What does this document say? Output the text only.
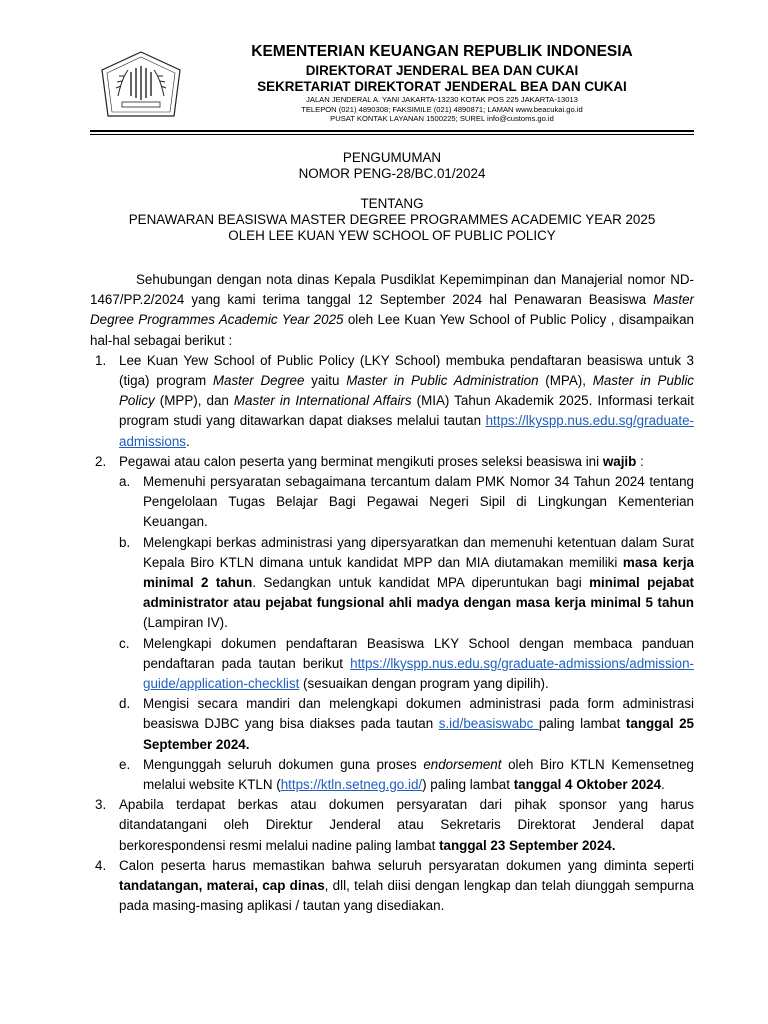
KEMENTERIAN KEUANGAN REPUBLIK INDONESIA
DIREKTORAT JENDERAL BEA DAN CUKAI
SEKRETARIAT DIREKTORAT JENDERAL BEA DAN CUKAI
JALAN JENDERAL A. YANI JAKARTA-13230 KOTAK POS 225 JAKARTA-13013
TELEPON (021) 4890308; FAKSIMILE (021) 4890871; LAMAN www.beacukai.go.id
PUSAT KONTAK LAYANAN 1500225; SUREL info@customs.go.id
PENGUMUMAN
NOMOR PENG-28/BC.01/2024
TENTANG
PENAWARAN BEASISWA MASTER DEGREE PROGRAMMES ACADEMIC YEAR 2025
OLEH LEE KUAN YEW SCHOOL OF PUBLIC POLICY

Sehubungan dengan nota dinas Kepala Pusdiklat Kepemimpinan dan Manajerial nomor ND-1467/PP.2/2024 yang kami terima tanggal 12 September 2024 hal Penawaran Beasiswa Master Degree Programmes Academic Year 2025 oleh Lee Kuan Yew School of Public Policy , disampaikan hal-hal sebagai berikut :

1. Lee Kuan Yew School of Public Policy (LKY School) membuka pendaftaran beasiswa untuk 3 (tiga) program Master Degree yaitu Master in Public Administration (MPA), Master in Public Policy (MPP), dan Master in International Affairs (MIA) Tahun Akademik 2025. Informasi terkait program studi yang ditawarkan dapat diakses melalui tautan https://lkyspp.nus.edu.sg/graduate-admissions.
2. Pegawai atau calon peserta yang berminat mengikuti proses seleksi beasiswa ini wajib :
a. Memenuhi persyaratan sebagaimana tercantum dalam PMK Nomor 34 Tahun 2024 tentang Pengelolaan Tugas Belajar Bagi Pegawai Negeri Sipil di Lingkungan Kementerian Keuangan.
b. Melengkapi berkas administrasi yang dipersyaratkan dan memenuhi ketentuan dalam Surat Kepala Biro KTLN dimana untuk kandidat MPP dan MIA diutamakan memiliki masa kerja minimal 2 tahun. Sedangkan untuk kandidat MPA diperuntukan bagi minimal pejabat administrator atau pejabat fungsional ahli madya dengan masa kerja minimal 5 tahun (Lampiran IV).
c. Melengkapi dokumen pendaftaran Beasiswa LKY School dengan membaca panduan pendaftaran pada tautan berikut https://lkyspp.nus.edu.sg/graduate-admissions/admission-guide/application-checklist (sesuaikan dengan program yang dipilih).
d. Mengisi secara mandiri dan melengkapi dokumen administrasi pada form administrasi beasiswa DJBC yang bisa diakses pada tautan s.id/beasiswabc paling lambat tanggal 25 September 2024.
e. Mengunggah seluruh dokumen guna proses endorsement oleh Biro KTLN Kemensetneg melalui website KTLN (https://ktln.setneg.go.id/) paling lambat tanggal 4 Oktober 2024.
3. Apabila terdapat berkas atau dokumen persyaratan dari pihak sponsor yang harus ditandatangani oleh Direktur Jenderal atau Sekretaris Direktorat Jenderal dapat berkorespondensi resmi melalui nadine paling lambat tanggal 23 September 2024.
4. Calon peserta harus memastikan bahwa seluruh persyaratan dokumen yang diminta seperti tandatangan, materai, cap dinas, dll, telah diisi dengan lengkap dan telah diunggah sempurna pada masing-masing aplikasi / tautan yang disediakan.
